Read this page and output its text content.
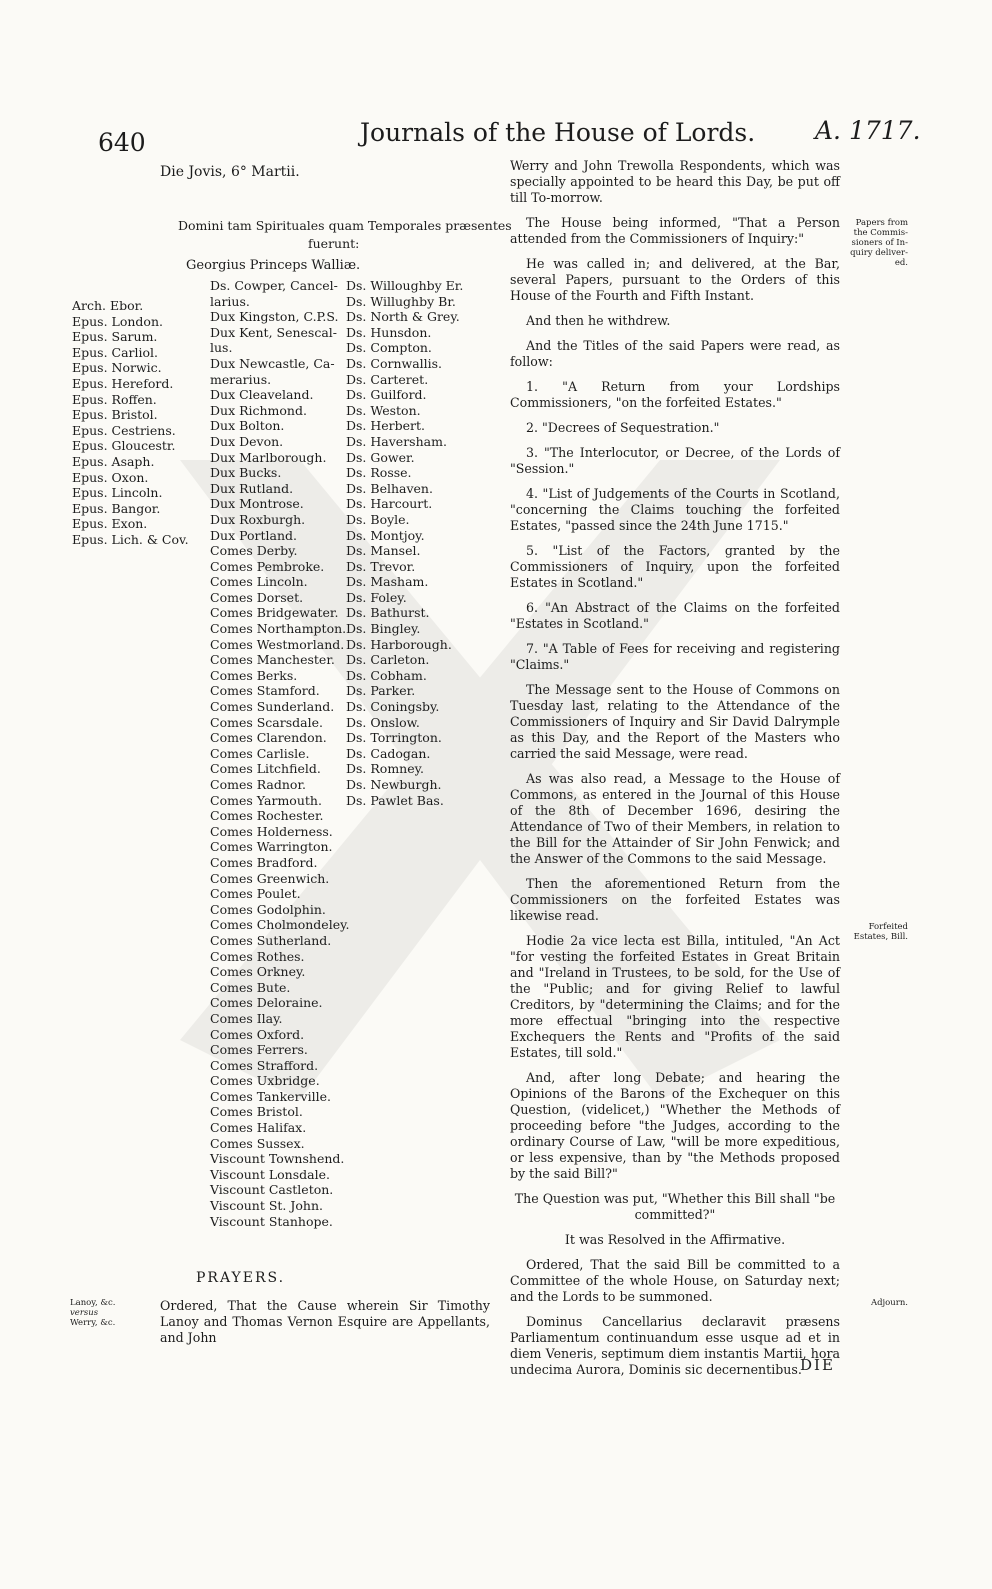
640	Journals of the House of Lords. A. 1717.
Die Jovis, 6° Martii.
Domini tam Spirituales quam Temporales præsentes
fuerunt:
Georgius Princeps Walliæ.
Arch. Ebor.
Epus. London.
Epus. Sarum.
Epus. Carliol.
Epus. Norwic.
Epus. Hereford.
Epus. Roffen.
Epus. Bristol.
Epus. Cestriens.
Epus. Gloucestr.
Epus. Asaph.
Epus. Oxon.
Epus. Lincoln.
Epus. Bangor.
Epus. Exon.
Epus. Lich. & Cov.
Ds. Cowper, Cancel-
larius.
Dux Kingston, C.P.S.
Dux Kent, Senescal-
lus.
Dux Newcastle, Ca-
merarius.
Dux Cleaveland.
Dux Richmond.
Dux Bolton.
Dux Devon.
Dux Marlborough.
Dux Bucks.
Dux Rutland.
Dux Montrose.
Dux Roxburgh.
Dux Portland.
Comes Derby.
Comes Pembroke.
Comes Lincoln.
Comes Dorset.
Comes Bridgewater.
Comes Northampton.
Comes Westmorland.
Comes Manchester.
Comes Berks.
Comes Stamford.
Comes Sunderland.
Comes Scarsdale.
Comes Clarendon.
Comes Carlisle.
Comes Litchfield.
Comes Radnor.
Comes Yarmouth.
Comes Rochester.
Comes Holderness.
Comes Warrington.
Comes Bradford.
Comes Greenwich.
Comes Poulet.
Comes Godolphin.
Comes Cholmondeley.
Comes Sutherland.
Comes Rothes.
Comes Orkney.
Comes Bute.
Comes Deloraine.
Comes Ilay.
Comes Oxford.
Comes Ferrers.
Comes Strafford.
Comes Uxbridge.
Comes Tankerville.
Comes Bristol.
Comes Halifax.
Comes Sussex.
Viscount Townshend.
Viscount Lonsdale.
Viscount Castleton.
Viscount St. John.
Viscount Stanhope.
Ds. Willoughby Er.
Ds. Willughby Br.
Ds. North & Grey.
Ds. Hunsdon.
Ds. Compton.
Ds. Cornwallis.
Ds. Carteret.
Ds. Guilford.
Ds. Weston.
Ds. Herbert.
Ds. Haversham.
Ds. Gower.
Ds. Rosse.
Ds. Belhaven.
Ds. Harcourt.
Ds. Boyle.
Ds. Montjoy.
Ds. Mansel.
Ds. Trevor.
Ds. Masham.
Ds. Foley.
Ds. Bathurst.
Ds. Bingley.
Ds. Harborough.
Ds. Carleton.
Ds. Cobham.
Ds. Parker.
Ds. Coningsby.
Ds. Onslow.
Ds. Torrington.
Ds. Cadogan.
Ds. Romney.
Ds. Newburgh.
Ds. Pawlet Bas.
PRAYERS.
Lanoy, &c.
versus
Werry, &c.
Ordered, That the Cause wherein Sir Timothy Lanoy and Thomas Vernon Esquire are Appellants, and John

Werry and John Trewolla Respondents, which was specially appointed to be heard this Day, be put off till To-morrow.

The House being informed, "That a Person attended from the Commissioners of Inquiry:"

He was called in; and delivered, at the Bar, several Papers, pursuant to the Orders of this House of the Fourth and Fifth Instant.

And then he withdrew.

And the Titles of the said Papers were read, as follow:

1. "A Return from your Lordships Commissioners, "on the forfeited Estates."

2. "Decrees of Sequestration."

3. "The Interlocutor, or Decree, of the Lords of "Session."

4. "List of Judgements of the Courts in Scotland, "concerning the Claims touching the forfeited Estates, "passed since the 24th June 1715."

5. "List of the Factors, granted by the Commissioners of Inquiry, upon the forfeited Estates in Scotland."

6. "An Abstract of the Claims on the forfeited "Estates in Scotland."

7. "A Table of Fees for receiving and registering "Claims."

The Message sent to the House of Commons on Tuesday last, relating to the Attendance of the Commissioners of Inquiry and Sir David Dalrymple as this Day, and the Report of the Masters who carried the said Message, were read.

As was also read, a Message to the House of Commons, as entered in the Journal of this House of the 8th of December 1696, desiring the Attendance of Two of their Members, in relation to the Bill for the Attainder of Sir John Fenwick; and the Answer of the Commons to the said Message.

Then the aforementioned Return from the Commissioners on the forfeited Estates was likewise read.

Hodie 2a vice lecta est Billa, intituled, "An Act "for vesting the forfeited Estates in Great Britain and "Ireland in Trustees, to be sold, for the Use of the "Public; and for giving Relief to lawful Creditors, by "determining the Claims; and for the more effectual "bringing into the respective Exchequers the Rents and "Profits of the said Estates, till sold."

And, after long Debate; and hearing the Opinions of the Barons of the Exchequer on this Question, (videlicet,) "Whether the Methods of proceeding before "the Judges, according to the ordinary Course of Law, "will be more expeditious, or less expensive, than by "the Methods proposed by the said Bill?"

The Question was put, "Whether this Bill shall "be committed?"

It was Resolved in the Affirmative.

Ordered, That the said Bill be committed to a Committee of the whole House, on Saturday next; and the Lords to be summoned.

Dominus Cancellarius declaravit præsens Parliamentum continuandum esse usque ad et in diem Veneris, septimum diem instantis Martii, hora undecima Aurora, Dominis sic decernentibus.

Papers from
the Commis-
sioners of In-
quiry deliver-
ed.
Forfeited
Estates, Bill.
Adjourn.
DIE
